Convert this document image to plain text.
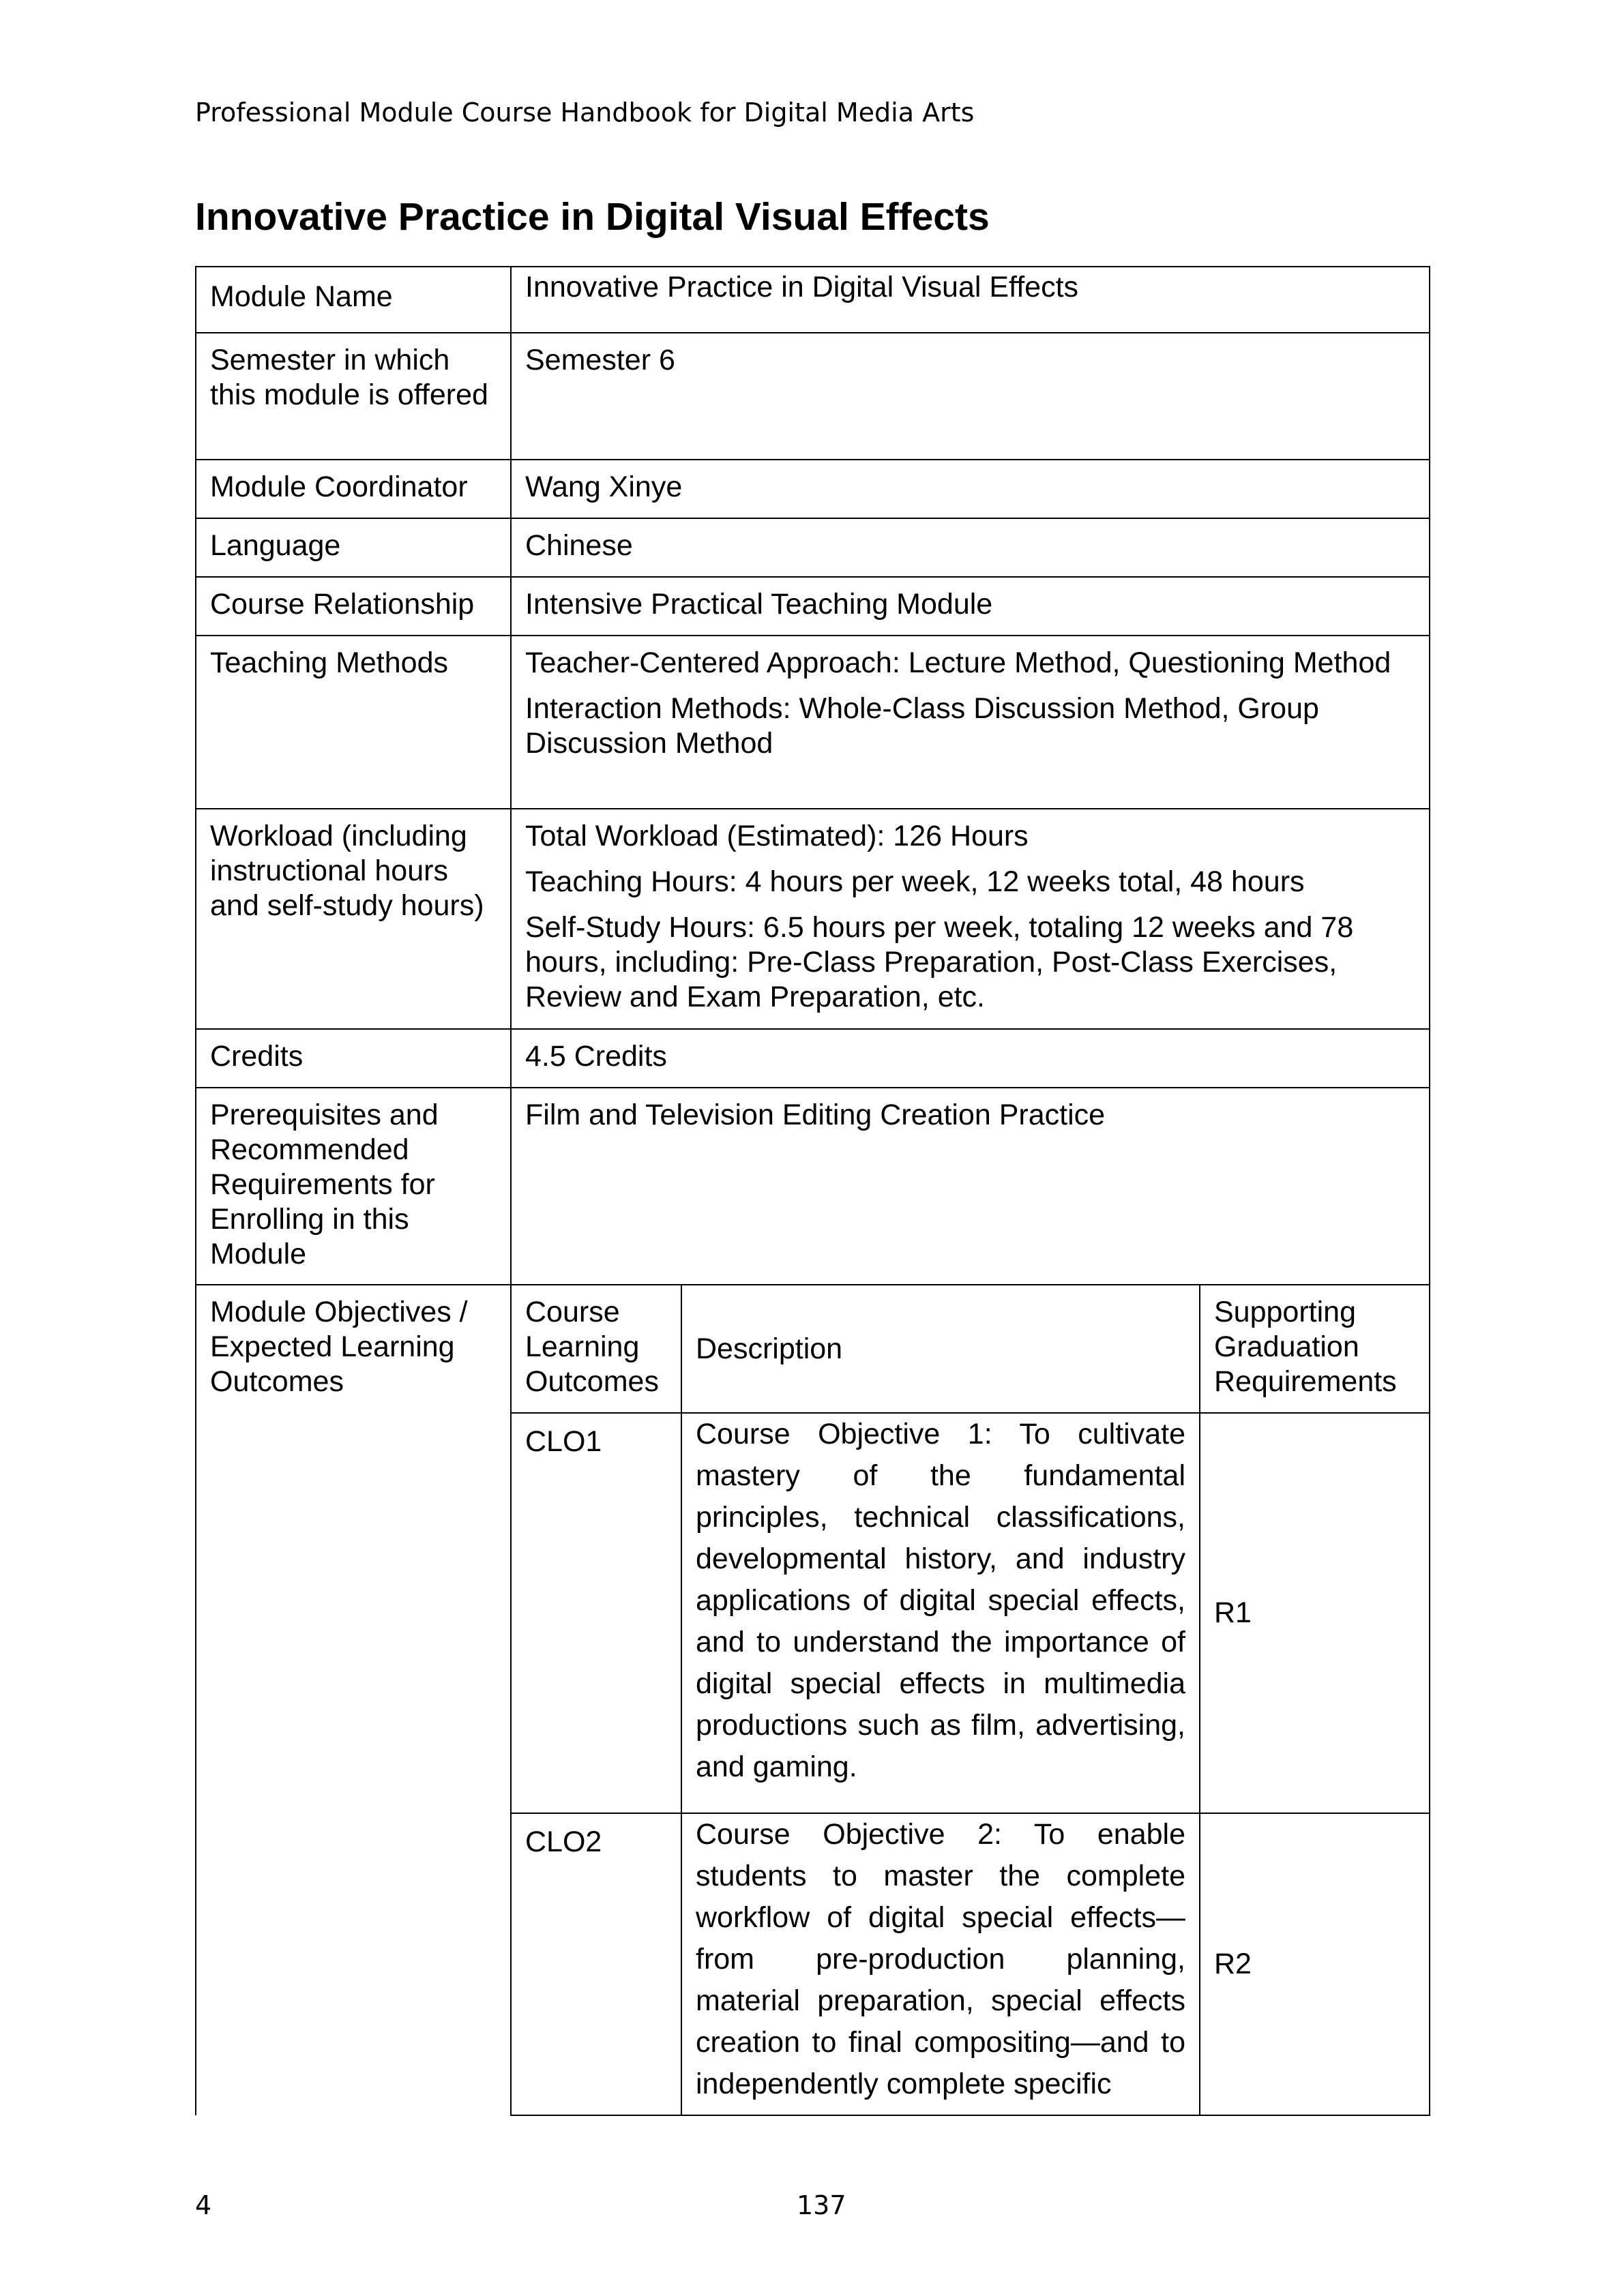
Professional Module Course Handbook for Digital Media Arts
Innovative Practice in Digital Visual Effects
Module Name	Innovative Practice in Digital Visual Effects		
Semester in which this module is offered	Semester 6		
Module Coordinator	Wang Xinye		
Language	Chinese		
Course Relationship	Intensive Practical Teaching Module		
Teaching Methods	Teacher-Centered Approach: Lecture Method, Questioning Method

Interaction Methods: Whole-Class Discussion Method, Group Discussion Method		

Workload (including instructional hours and self-study hours)	Total Workload (Estimated): 126 Hours

Teaching Hours: 4 hours per week, 12 weeks total, 48 hours

Self-Study Hours: 6.5 hours per week, totaling 12 weeks and 78 hours, including: Pre-Class Preparation, Post-Class Exercises, Review and Exam Preparation, etc.		

Credits	4.5 Credits		
Prerequisites and Recommended Requirements for Enrolling in this Module	Film and Television Editing Creation Practice		
Module Objectives / Expected Learning Outcomes	Course Learning Outcomes	Description	Supporting Graduation Requirements
	CLO1	Course Objective 1: To cultivate mastery of the fundamental principles, technical classifications, developmental history, and industry applications of digital special effects, and to understand the importance of digital special effects in multimedia productions such as film, advertising, and gaming.	R1
	CLO2	Course Objective 2: To enable students to master the complete workflow of digital special effects—from pre-production planning, material preparation, special effects creation to final compositing—and to independently complete specific	R2
4	137
